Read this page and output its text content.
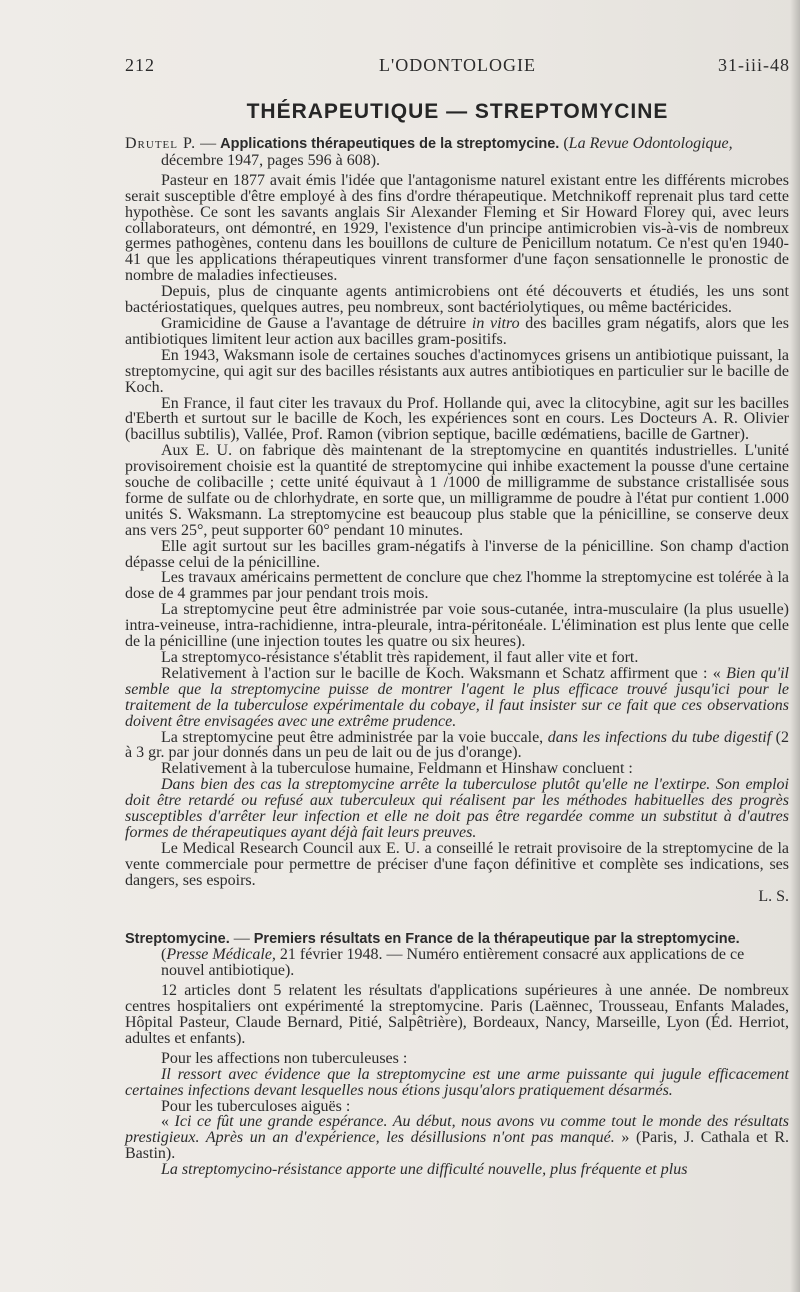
212	L'ODONTOLOGIE	31-iii-48
THÉRAPEUTIQUE — STREPTOMYCINE

Drutel P. — Applications thérapeutiques de la streptomycine. (La Revue Odontologique, décembre 1947, pages 596 à 608).

Pasteur en 1877 avait émis l'idée que l'antagonisme naturel existant entre les différents microbes serait susceptible d'être employé à des fins d'ordre thérapeutique. Metchnikoff reprenait plus tard cette hypothèse. Ce sont les savants anglais Sir Alexander Fleming et Sir Howard Florey qui, avec leurs collaborateurs, ont démontré, en 1929, l'existence d'un principe antimicrobien vis-à-vis de nombreux germes pathogènes, contenu dans les bouillons de culture de Penicillum notatum. Ce n'est qu'en 1940-41 que les applications thérapeutiques vinrent transformer d'une façon sensationnelle le pronostic de nombre de maladies infectieuses.

Depuis, plus de cinquante agents antimicrobiens ont été découverts et étudiés, les uns sont bactériostatiques, quelques autres, peu nombreux, sont bactériolytiques, ou même bactéricides.

Gramicidine de Gause a l'avantage de détruire in vitro des bacilles gram négatifs, alors que les antibiotiques limitent leur action aux bacilles gram-positifs.

En 1943, Waksmann isole de certaines souches d'actinomyces grisens un antibiotique puissant, la streptomycine, qui agit sur des bacilles résistants aux autres antibiotiques en particulier sur le bacille de Koch.

En France, il faut citer les travaux du Prof. Hollande qui, avec la clitocybine, agit sur les bacilles d'Eberth et surtout sur le bacille de Koch, les expériences sont en cours. Les Docteurs A. R. Olivier (bacillus subtilis), Vallée, Prof. Ramon (vibrion septique, bacille œdématiens, bacille de Gartner).

Aux E. U. on fabrique dès maintenant de la streptomycine en quantités industrielles. L'unité provisoirement choisie est la quantité de streptomycine qui inhibe exactement la pousse d'une certaine souche de colibacille ; cette unité équivaut à 1 /1000 de milligramme de substance cristallisée sous forme de sulfate ou de chlorhydrate, en sorte que, un milligramme de poudre à l'état pur contient 1.000 unités S. Waksmann. La streptomycine est beaucoup plus stable que la pénicilline, se conserve deux ans vers 25°, peut supporter 60° pendant 10 minutes.

Elle agit surtout sur les bacilles gram-négatifs à l'inverse de la pénicilline. Son champ d'action dépasse celui de la pénicilline.

Les travaux américains permettent de conclure que chez l'homme la streptomycine est tolérée à la dose de 4 grammes par jour pendant trois mois.

La streptomycine peut être administrée par voie sous-cutanée, intra-musculaire (la plus usuelle) intra-veineuse, intra-rachidienne, intra-pleurale, intra-péritonéale. L'élimination est plus lente que celle de la pénicilline (une injection toutes les quatre ou six heures).

La streptomyco-résistance s'établit très rapidement, il faut aller vite et fort.

Relativement à l'action sur le bacille de Koch. Waksmann et Schatz affirment que : « Bien qu'il semble que la streptomycine puisse de montrer l'agent le plus efficace trouvé jusqu'ici pour le traitement de la tuberculose expérimentale du cobaye, il faut insister sur ce fait que ces observations doivent être envisagées avec une extrême prudence.

La streptomycine peut être administrée par la voie buccale, dans les infections du tube digestif (2 à 3 gr. par jour donnés dans un peu de lait ou de jus d'orange).

Relativement à la tuberculose humaine, Feldmann et Hinshaw concluent :

Dans bien des cas la streptomycine arrête la tuberculose plutôt qu'elle ne l'extirpe. Son emploi doit être retardé ou refusé aux tuberculeux qui réalisent par les méthodes habituelles des progrès susceptibles d'arrêter leur infection et elle ne doit pas être regardée comme un substitut à d'autres formes de thérapeutiques ayant déjà fait leurs preuves.

Le Medical Research Council aux E. U. a conseillé le retrait provisoire de la streptomycine de la vente commerciale pour permettre de préciser d'une façon définitive et complète ses indications, ses dangers, ses espoirs.

L. S.

Streptomycine. — Premiers résultats en France de la thérapeutique par la streptomycine. (Presse Médicale, 21 février 1948. — Numéro entièrement consacré aux applications de ce nouvel antibiotique).

12 articles dont 5 relatent les résultats d'applications supérieures à une année. De nombreux centres hospitaliers ont expérimenté la streptomycine. Paris (Laënnec, Trousseau, Enfants Malades, Hôpital Pasteur, Claude Bernard, Pitié, Salpêtrière), Bordeaux, Nancy, Marseille, Lyon (Éd. Herriot, adultes et enfants).

Pour les affections non tuberculeuses :

Il ressort avec évidence que la streptomycine est une arme puissante qui jugule efficacement certaines infections devant lesquelles nous étions jusqu'alors pratiquement désarmés.

Pour les tuberculoses aiguës :

« Ici ce fût une grande espérance. Au début, nous avons vu comme tout le monde des résultats prestigieux. Après un an d'expérience, les désillusions n'ont pas manqué. » (Paris, J. Cathala et R. Bastin).

La streptomycino-résistance apporte une difficulté nouvelle, plus fréquente et plus
